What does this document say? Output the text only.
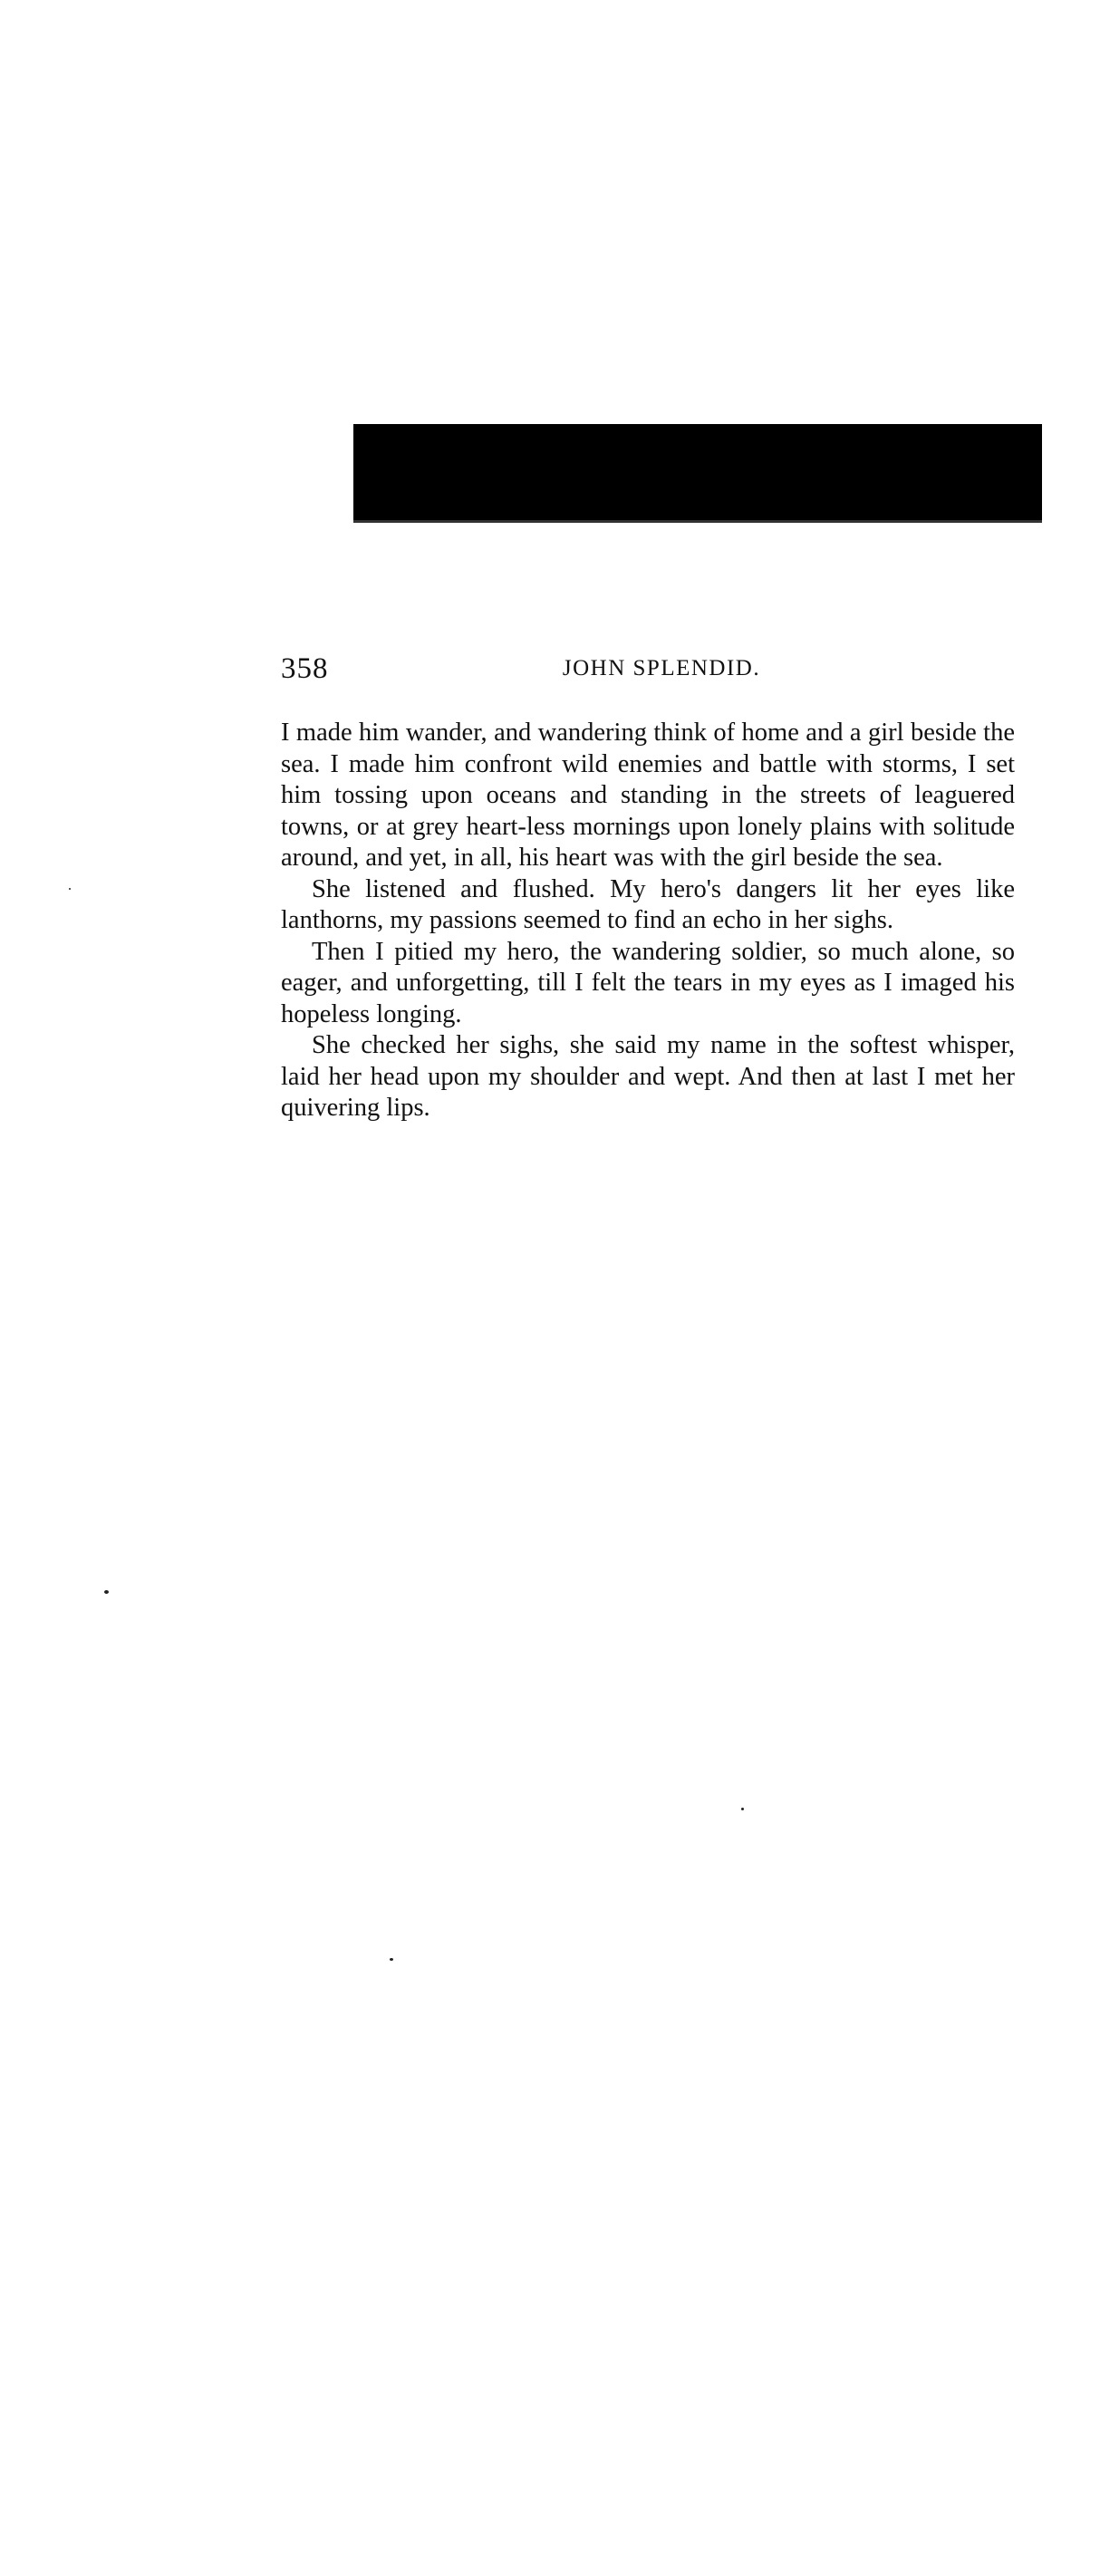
358	JOHN SPLENDID.

I made him wander, and wandering think of home and a girl beside the sea. I made him confront wild enemies and battle with storms, I set him tossing upon oceans and standing in the streets of leaguered towns, or at grey heart-less mornings upon lonely plains with solitude around, and yet, in all, his heart was with the girl beside the sea.

She listened and flushed. My hero's dangers lit her eyes like lanthorns, my passions seemed to find an echo in her sighs.

Then I pitied my hero, the wandering soldier, so much alone, so eager, and unforgetting, till I felt the tears in my eyes as I imaged his hopeless longing.

She checked her sighs, she said my name in the softest whisper, laid her head upon my shoulder and wept. And then at last I met her quivering lips.
